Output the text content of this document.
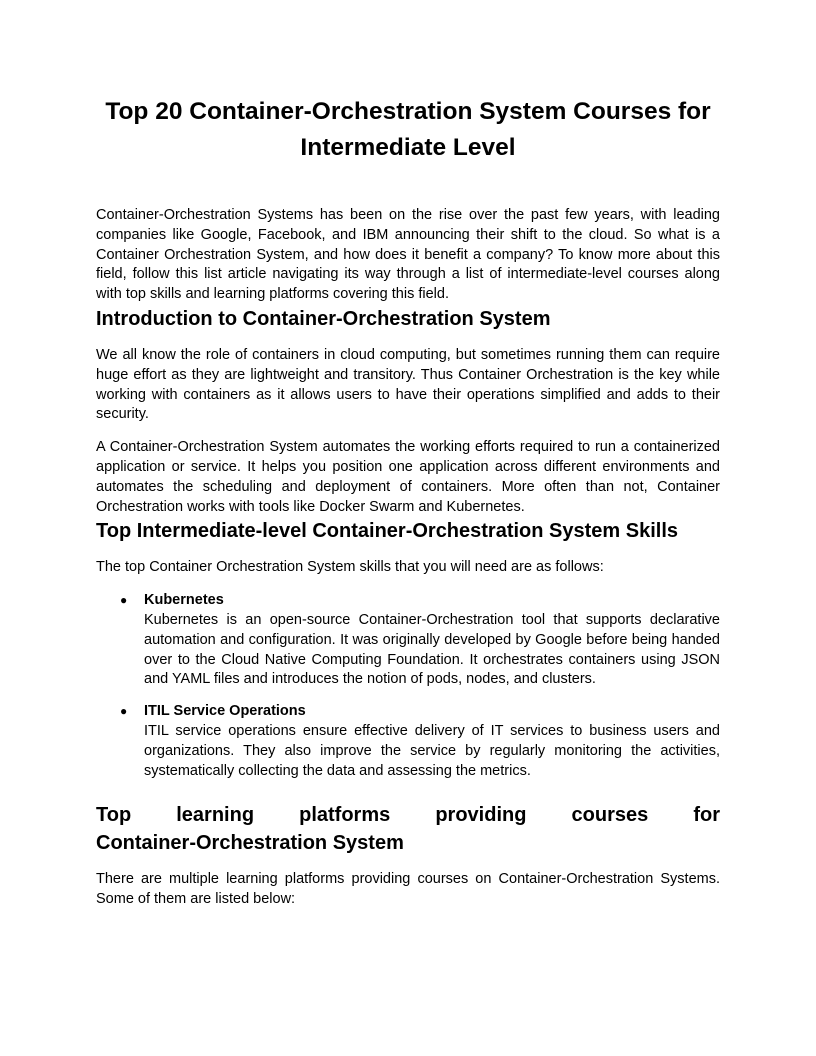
Top 20 Container-Orchestration System Courses for Intermediate Level

Container-Orchestration Systems has been on the rise over the past few years, with leading companies like Google, Facebook, and IBM announcing their shift to the cloud. So what is a Container Orchestration System, and how does it benefit a company? To know more about this field, follow this list article navigating its way through a list of intermediate-level courses along with top skills and learning platforms covering this field.

Introduction to Container-Orchestration System

We all know the role of containers in cloud computing, but sometimes running them can require huge effort as they are lightweight and transitory. Thus Container Orchestration is the key while working with containers as it allows users to have their operations simplified and adds to their security.

A Container-Orchestration System automates the working efforts required to run a containerized application or service. It helps you position one application across different environments and automates the scheduling and deployment of containers. More often than not, Container Orchestration works with tools like Docker Swarm and Kubernetes.

Top Intermediate-level Container-Orchestration System Skills

The top Container Orchestration System skills that you will need are as follows:

● Kubernetes
Kubernetes is an open-source Container-Orchestration tool that supports declarative automation and configuration. It was originally developed by Google before being handed over to the Cloud Native Computing Foundation. It orchestrates containers using JSON and YAML files and introduces the notion of pods, nodes, and clusters.
● ITIL Service Operations
ITIL service operations ensure effective delivery of IT services to business users and organizations. They also improve the service by regularly monitoring the activities, systematically collecting the data and assessing the metrics.
Top learning platforms providing courses for
Container-Orchestration System

There are multiple learning platforms providing courses on Container-Orchestration Systems. Some of them are listed below:
